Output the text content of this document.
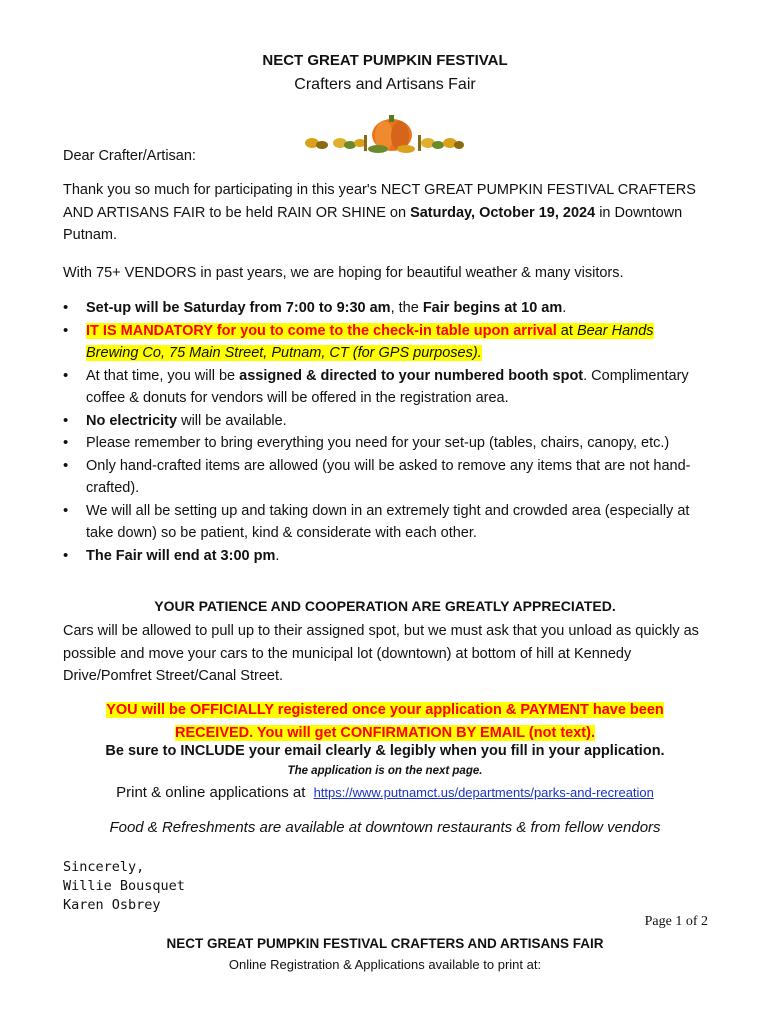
NECT GREAT PUMPKIN FESTIVAL
Crafters and Artisans Fair
Dear Crafter/Artisan:
Thank you so much for participating in this year's NECT GREAT PUMPKIN FESTIVAL CRAFTERS AND ARTISANS FAIR to be held RAIN OR SHINE on Saturday, October 19, 2024 in Downtown Putnam.
With 75+ VENDORS in past years, we are hoping for beautiful weather & many visitors.
• Set-up will be Saturday from 7:00 to 9:30 am, the Fair begins at 10 am.
• IT IS MANDATORY for you to come to the check-in table upon arrival at Bear Hands Brewing Co, 75 Main Street, Putnam, CT (for GPS purposes).
• At that time, you will be assigned & directed to your numbered booth spot. Complimentary coffee & donuts for vendors will be offered in the registration area.
• No electricity will be available.
• Please remember to bring everything you need for your set-up (tables, chairs, canopy, etc.)
• Only hand-crafted items are allowed (you will be asked to remove any items that are not hand-crafted).
• We will all be setting up and taking down in an extremely tight and crowded area (especially at take down) so be patient, kind & considerate with each other.
• The Fair will end at 3:00 pm.
YOUR PATIENCE AND COOPERATION ARE GREATLY APPRECIATED.
Cars will be allowed to pull up to their assigned spot, but we must ask that you unload as quickly as possible and move your cars to the municipal lot (downtown) at bottom of hill at Kennedy Drive/Pomfret Street/Canal Street.
YOU will be OFFICIALLY registered once your application & PAYMENT have been
RECEIVED. You will get CONFIRMATION BY EMAIL (not text).
Be sure to INCLUDE your email clearly & legibly when you fill in your application.
The application is on the next page.
Print & online applications at https://www.putnamct.us/departments/parks-and-recreation
Food & Refreshments are available at downtown restaurants & from fellow vendors
Sincerely,
Willie Bousquet
Karen Osbrey
Page 1 of 2
NECT GREAT PUMPKIN FESTIVAL CRAFTERS AND ARTISANS FAIR
Online Registration & Applications available to print at:
